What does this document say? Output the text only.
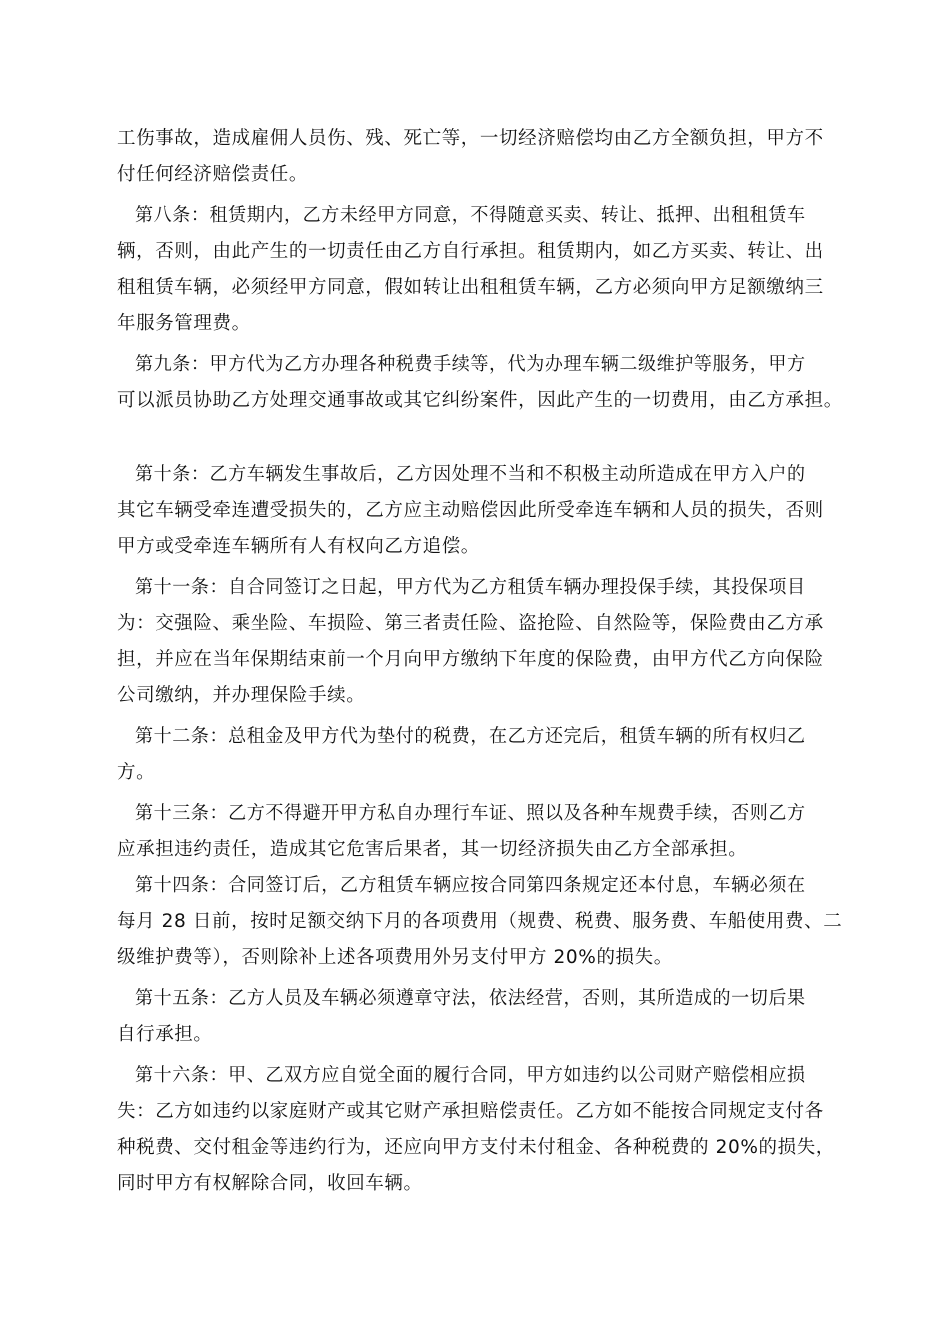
工伤事故，造成雇佣人员伤、残、死亡等，一切经济赔偿均由乙方全额负担，甲方不
付任何经济赔偿责任。
第八条：租赁期内，乙方未经甲方同意，不得随意买卖、转让、抵押、出租租赁车
辆，否则，由此产生的一切责任由乙方自行承担。租赁期内，如乙方买卖、转让、出
租租赁车辆，必须经甲方同意，假如转让出租租赁车辆，乙方必须向甲方足额缴纳三
年服务管理费。
第九条：甲方代为乙方办理各种税费手续等，代为办理车辆二级维护等服务，甲方
可以派员协助乙方处理交通事故或其它纠纷案件，因此产生的一切费用，由乙方承担。
第十条：乙方车辆发生事故后，乙方因处理不当和不积极主动所造成在甲方入户的
其它车辆受牵连遭受损失的，乙方应主动赔偿因此所受牵连车辆和人员的损失，否则
甲方或受牵连车辆所有人有权向乙方追偿。
第十一条：自合同签订之日起，甲方代为乙方租赁车辆办理投保手续，其投保项目
为：交强险、乘坐险、车损险、第三者责任险、盗抢险、自然险等，保险费由乙方承
担，并应在当年保期结束前一个月向甲方缴纳下年度的保险费，由甲方代乙方向保险
公司缴纳，并办理保险手续。
第十二条：总租金及甲方代为垫付的税费，在乙方还完后，租赁车辆的所有权归乙
方。
第十三条：乙方不得避开甲方私自办理行车证、照以及各种车规费手续，否则乙方
应承担违约责任，造成其它危害后果者，其一切经济损失由乙方全部承担。
第十四条：合同签订后，乙方租赁车辆应按合同第四条规定还本付息，车辆必须在
每月 28 日前，按时足额交纳下月的各项费用（规费、税费、服务费、车船使用费、二
级维护费等），否则除补上述各项费用外另支付甲方 20%的损失。
第十五条：乙方人员及车辆必须遵章守法，依法经营，否则，其所造成的一切后果
自行承担。
第十六条：甲、乙双方应自觉全面的履行合同，甲方如违约以公司财产赔偿相应损
失：乙方如违约以家庭财产或其它财产承担赔偿责任。乙方如不能按合同规定支付各
种税费、交付租金等违约行为，还应向甲方支付未付租金、各种税费的 20%的损失，
同时甲方有权解除合同，收回车辆。
